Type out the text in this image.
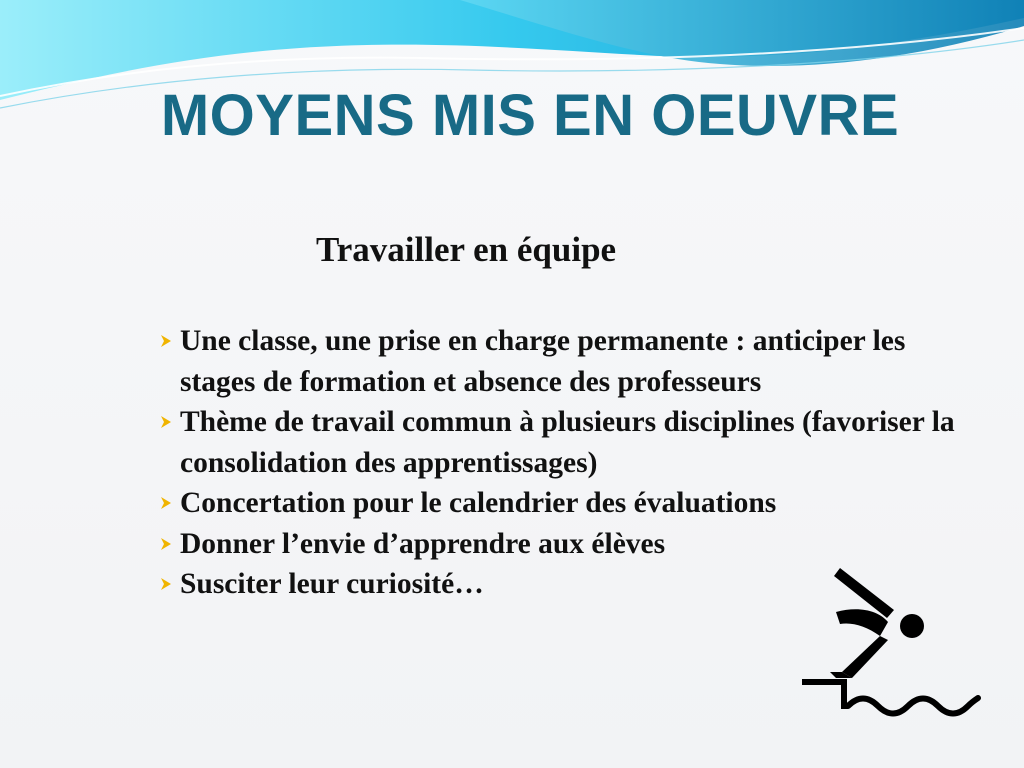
MOYENS MIS EN OEUVRE
Travailler en équipe
Une classe, une prise en charge permanente : anticiper les stages de formation et absence des professeurs
Thème de travail commun à plusieurs disciplines (favoriser la consolidation des apprentissages)
Concertation pour le calendrier des évaluations
Donner l’envie d’apprendre aux élèves
Susciter leur curiosité…
